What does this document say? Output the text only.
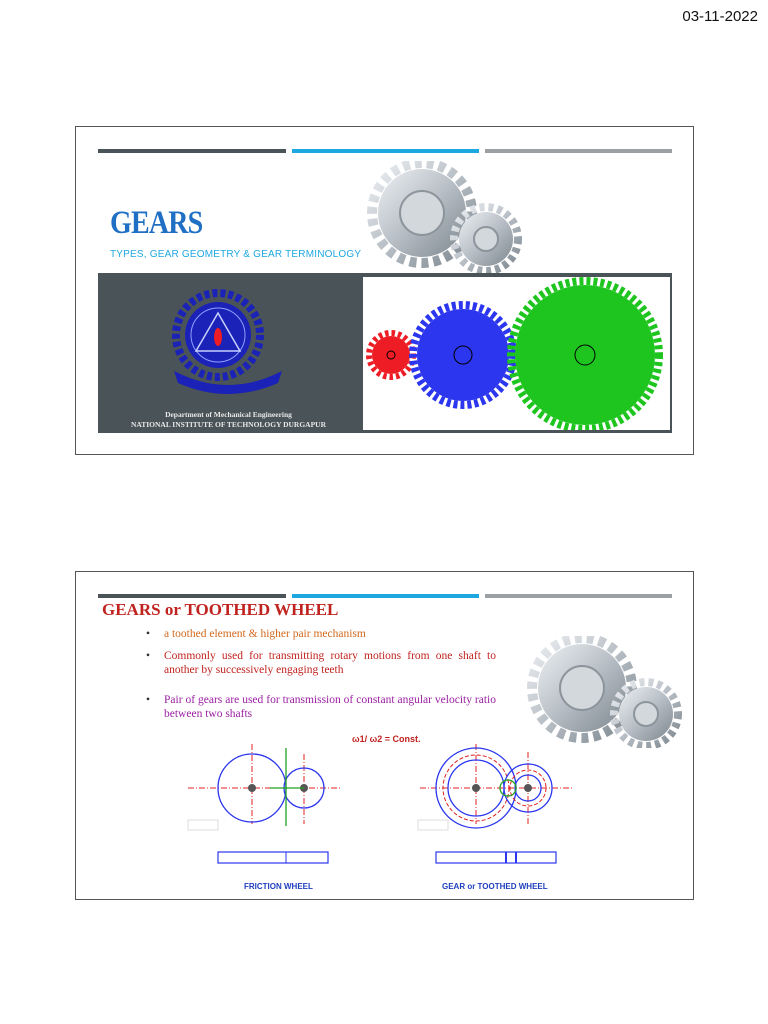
03-11-2022
GEARS
TYPES, GEAR GEOMETRY & GEAR TERMINOLOGY
Department of Mechanical Engineering
NATIONAL INSTITUTE OF TECHNOLOGY DURGAPUR
GEARS or TOOTHED WHEEL
• a toothed element & higher pair mechanism
• Commonly used for transmitting rotary motions from one shaft to another by successively engaging teeth
• Pair of gears are used for transmission of constant angular velocity ratio between two shafts
ω1/ ω2 = Const.
FRICTION WHEEL	GEAR or TOOTHED WHEEL
